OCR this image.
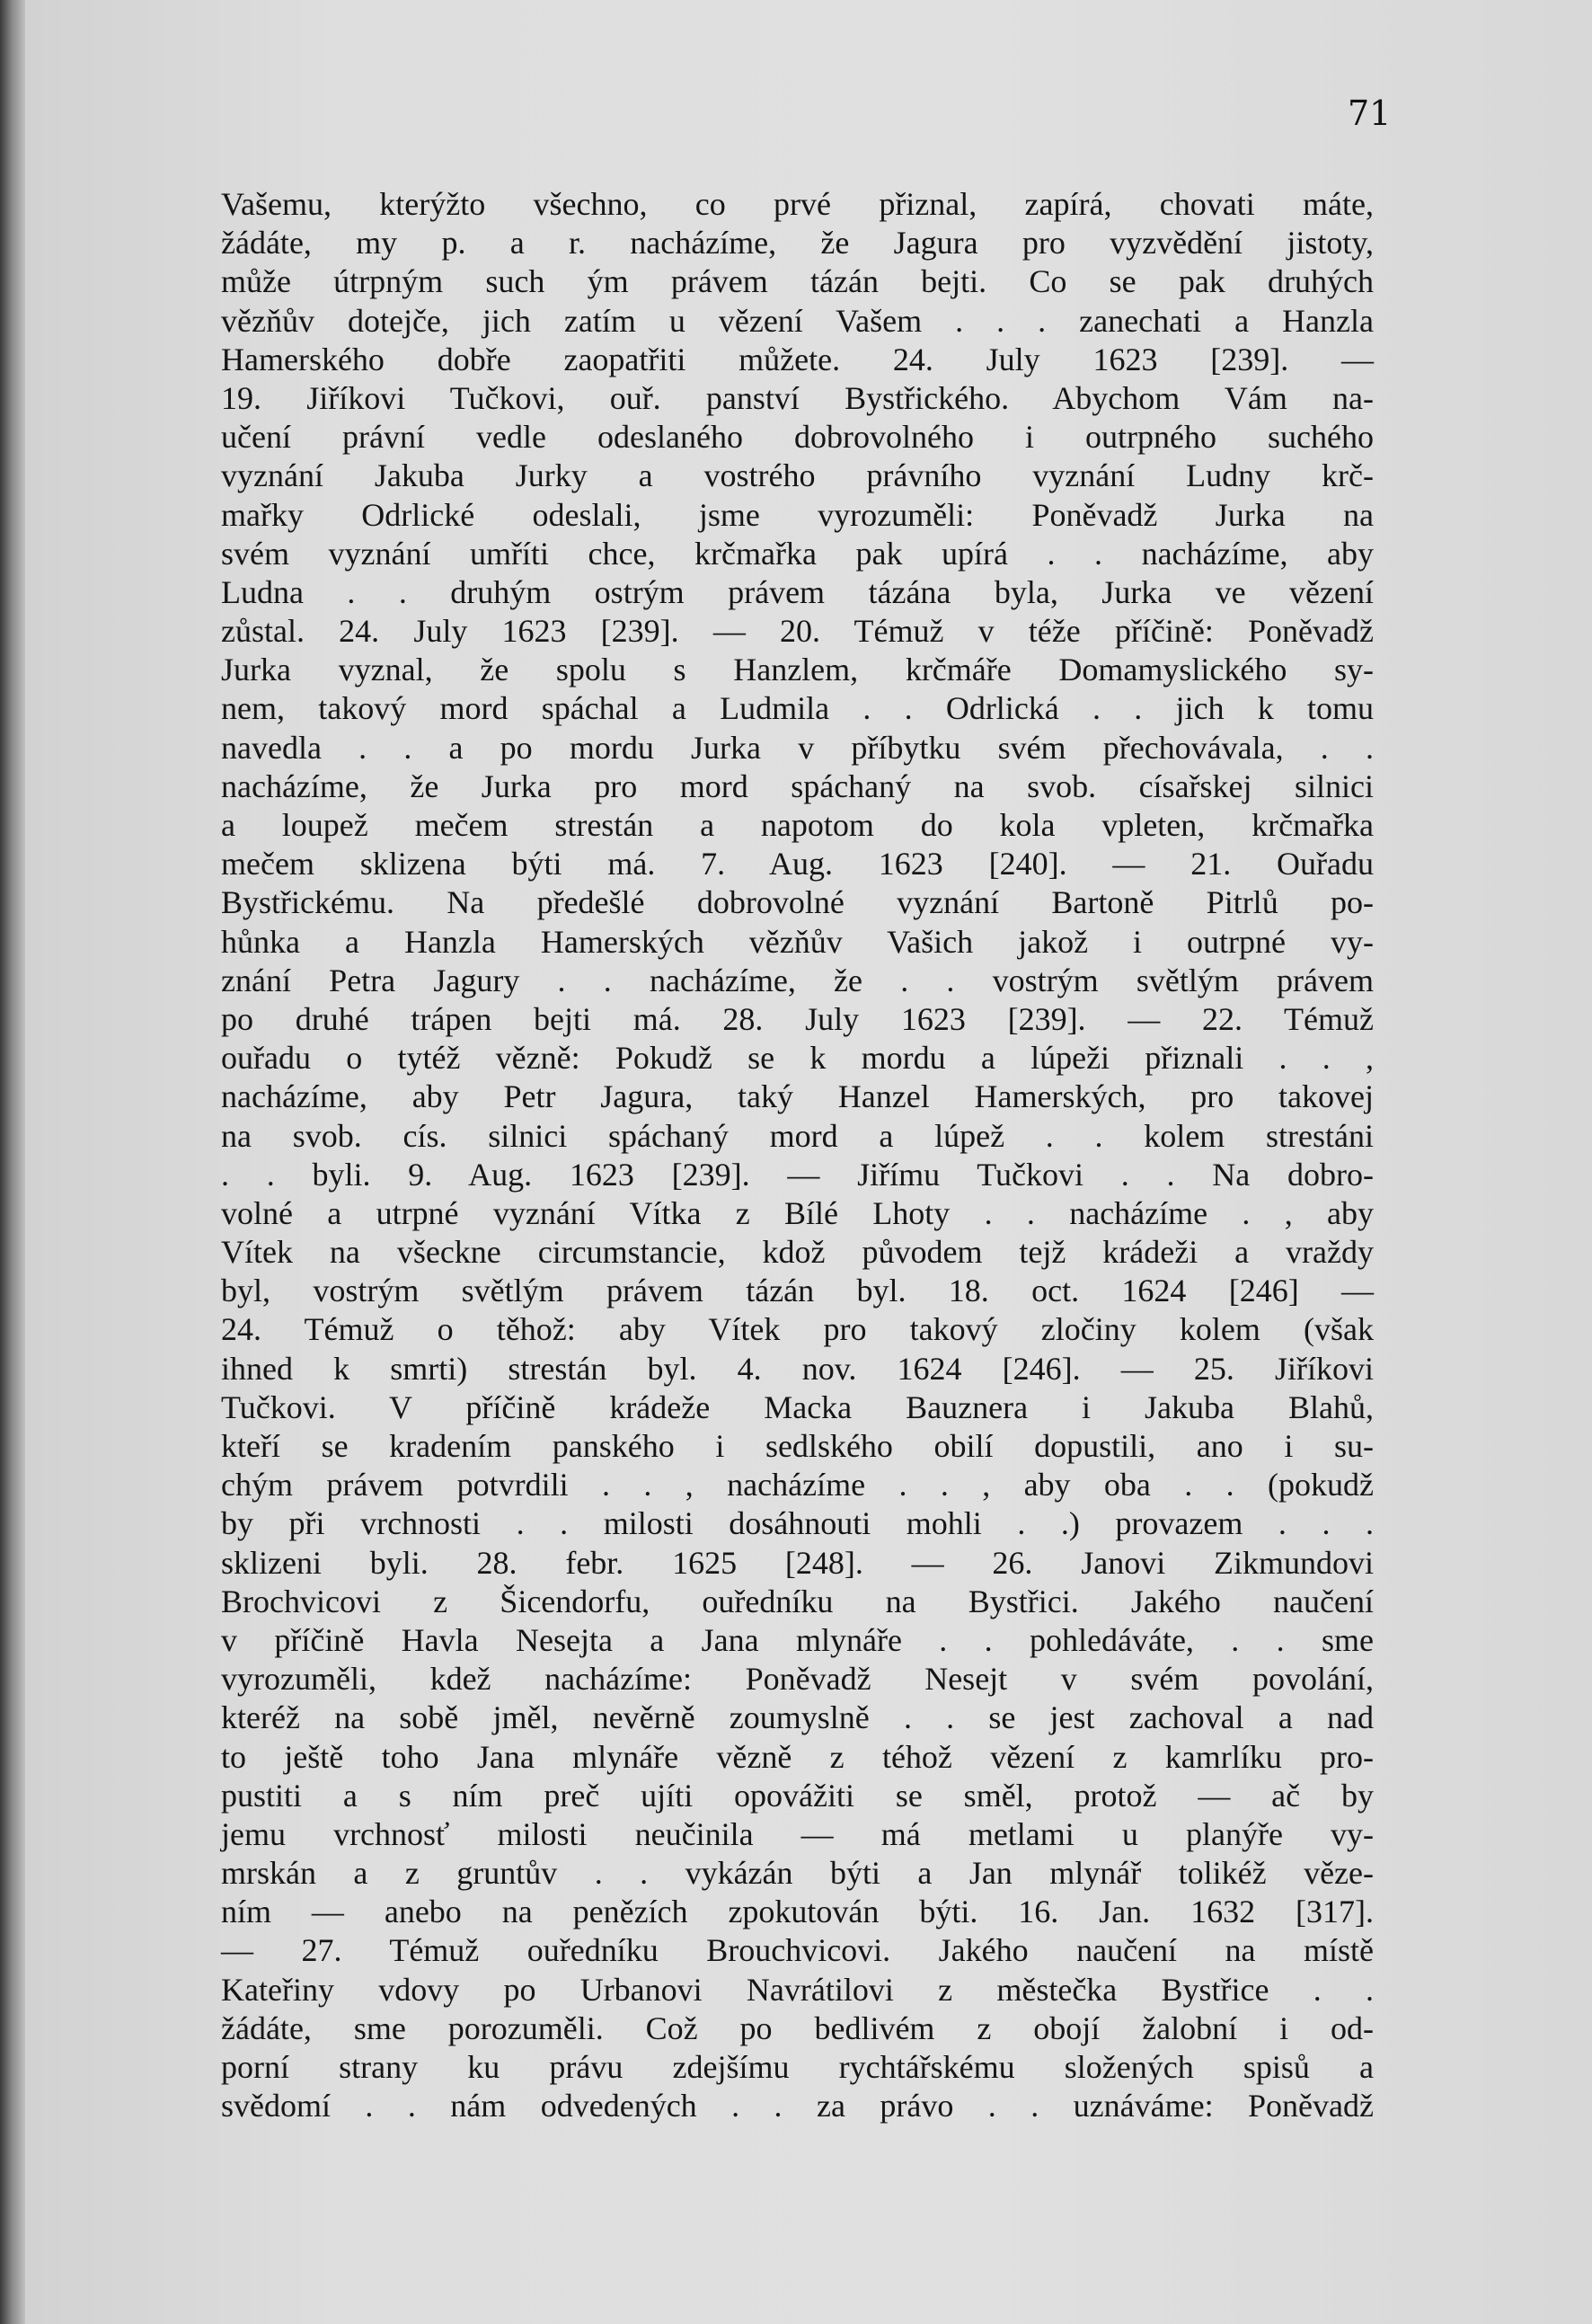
71
Vašemu, kterýžto všechno, co prvé přiznal, zapírá, chovati máte,
žádáte, my p. a r. nacházíme, že Jagura pro vyzvědění jistoty,
může útrpným such ým právem tázán bejti. Co se pak druhých
vězňův dotejče, jich zatím u vězení Vašem . . . zanechati a Hanzla
Hamerského dobře zaopatřiti můžete. 24. July 1623 [239]. —
19. Jiříkovi Tučkovi, ouř. panství Bystřického. Abychom Vám na-
učení právní vedle odeslaného dobrovolného i outrpného suchého
vyznání Jakuba Jurky a vostrého právního vyznání Ludny krč-
mařky Odrlické odeslali, jsme vyrozuměli: Poněvadž Jurka na
svém vyznání umříti chce, krčmařka pak upírá . . nacházíme, aby
Ludna . . druhým ostrým právem tázána byla, Jurka ve vězení
zůstal. 24. July 1623 [239]. — 20. Témuž v téže příčině: Poněvadž
Jurka vyznal, že spolu s Hanzlem, krčmáře Domamyslického sy-
nem, takový mord spáchal a Ludmila . . Odrlická . . jich k tomu
navedla . . a po mordu Jurka v příbytku svém přechovávala, . .
nacházíme, že Jurka pro mord spáchaný na svob. císařskej silnici
a loupež mečem strestán a napotom do kola vpleten, krčmařka
mečem sklizena býti má. 7. Aug. 1623 [240]. — 21. Ouřadu
Bystřickému. Na předešlé dobrovolné vyznání Bartoně Pitrlů po-
hůnka a Hanzla Hamerských vězňův Vašich jakož i outrpné vy-
znání Petra Jagury . . nacházíme, že . . vostrým světlým právem
po druhé trápen bejti má. 28. July 1623 [239]. — 22. Témuž
ouřadu o tytéž vězně: Pokudž se k mordu a lúpeži přiznali . . ,
nacházíme, aby Petr Jagura, taký Hanzel Hamerských, pro takovej
na svob. cís. silnici spáchaný mord a lúpež . . kolem strestáni
. . byli. 9. Aug. 1623 [239]. — Jiřímu Tučkovi . . Na dobro-
volné a utrpné vyznání Vítka z Bílé Lhoty . . nacházíme . , aby
Vítek na všeckne circumstancie, kdož původem tejž krádeži a vraždy
byl, vostrým světlým právem tázán byl. 18. oct. 1624 [246] —
24. Témuž o těhož: aby Vítek pro takový zločiny kolem (však
ihned k smrti) strestán byl. 4. nov. 1624 [246]. — 25. Jiříkovi
Tučkovi. V příčině krádeže Macka Bauznera i Jakuba Blahů,
kteří se kradením panského i sedlského obilí dopustili, ano i su-
chým právem potvrdili . . , nacházíme . . , aby oba . . (pokudž
by při vrchnosti . . milosti dosáhnouti mohli . .) provazem . . .
sklizeni byli. 28. febr. 1625 [248]. — 26. Janovi Zikmundovi
Brochvicovi z Šicendorfu, ouředníku na Bystřici. Jakého naučení
v příčině Havla Nesejta a Jana mlynáře . . pohledáváte, . . sme
vyrozuměli, kdež nacházíme: Poněvadž Nesejt v svém povolání,
kteréž na sobě jměl, nevěrně zoumyslně . . se jest zachoval a nad
to ještě toho Jana mlynáře vězně z téhož vězení z kamrlíku pro-
pustiti a s ním preč ujíti opovážiti se směl, protož — ač by
jemu vrchnosť milosti neučinila — má metlami u planýře vy-
mrskán a z gruntův . . vykázán býti a Jan mlynář tolikéž věze-
ním — anebo na penězích zpokutován býti. 16. Jan. 1632 [317].
— 27. Témuž ouředníku Brouchvicovi. Jakého naučení na místě
Kateřiny vdovy po Urbanovi Navrátilovi z městečka Bystřice . .
žádáte, sme porozuměli. Což po bedlivém z obojí žalobní i od-
porní strany ku právu zdejšímu rychtářskému složených spisů a
svědomí . . nám odvedených . . za právo . . uznáváme: Poněvadž
